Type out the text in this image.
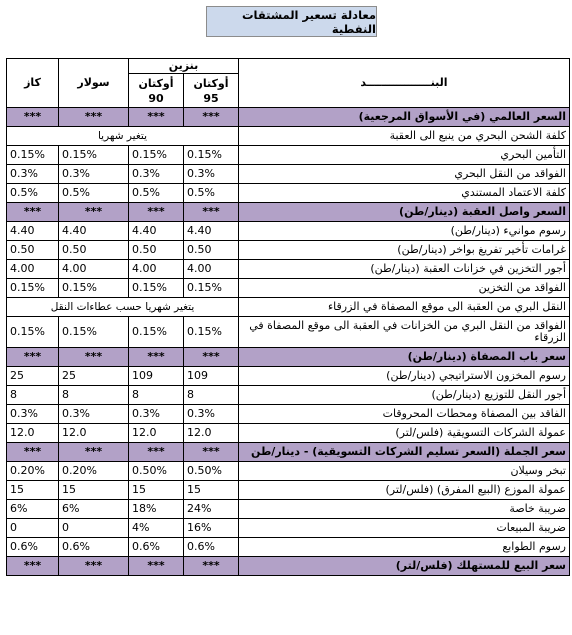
معادلة تسعير المشتقات النفطية
كاز	سولار	بنزين		البنـــــــــــــــــد
		أوكتان 90	أوكتان 95	
***	***	***	***	السعر العالمي (في الأسواق المرجعية)
يتغير شهريا				كلفة الشحن البحري من ينبع الى العقبة
0.15%	0.15%	0.15%	0.15%	التأمين البحري
0.3%	0.3%	0.3%	0.3%	الفواقد من النقل البحري
0.5%	0.5%	0.5%	0.5%	كلفة الاعتماد المستندي
***	***	***	***	السعر واصل العقبة (دينار/طن)
4.40	4.40	4.40	4.40	رسوم موانيء (دينار/طن)
0.50	0.50	0.50	0.50	غرامات تأخير تفريغ بواخر (دينار/طن)
4.00	4.00	4.00	4.00	أجور التخزين في خزانات العقبة (دينار/طن)
0.15%	0.15%	0.15%	0.15%	الفواقد من التخزين
يتغير شهريا حسب عطاءات النقل				النقل البري من العقبة الى موقع المصفاة في الزرقاء
0.15%	0.15%	0.15%	0.15%	الفواقد من النقل البري من الخزانات في العقبة الى موقع المصفاة في الزرقاء
***	***	***	***	سعر باب المصفاة (دينار/طن)
25	25	109	109	رسوم المخزون الاستراتيجي (دينار/طن)
8	8	8	8	أجور النقل للتوزيع (دينار/طن)
0.3%	0.3%	0.3%	0.3%	الفاقد بين المصفاة ومحطات المحروقات
12.0	12.0	12.0	12.0	عمولة الشركات التسويقية (فلس/لتر)
***	***	***	***	سعر الجملة (السعر تسليم الشركات التسويقية) - دينار/طن
0.20%	0.20%	0.50%	0.50%	تبخر وسيلان
15	15	15	15	عمولة الموزع (البيع المفرق) (فلس/لتر)
6%	6%	18%	24%	ضريبة خاصة
0	0	4%	16%	ضريبة المبيعات
0.6%	0.6%	0.6%	0.6%	رسوم الطوابع
***	***	***	***	سعر البيع للمستهلك (فلس/لتر)
